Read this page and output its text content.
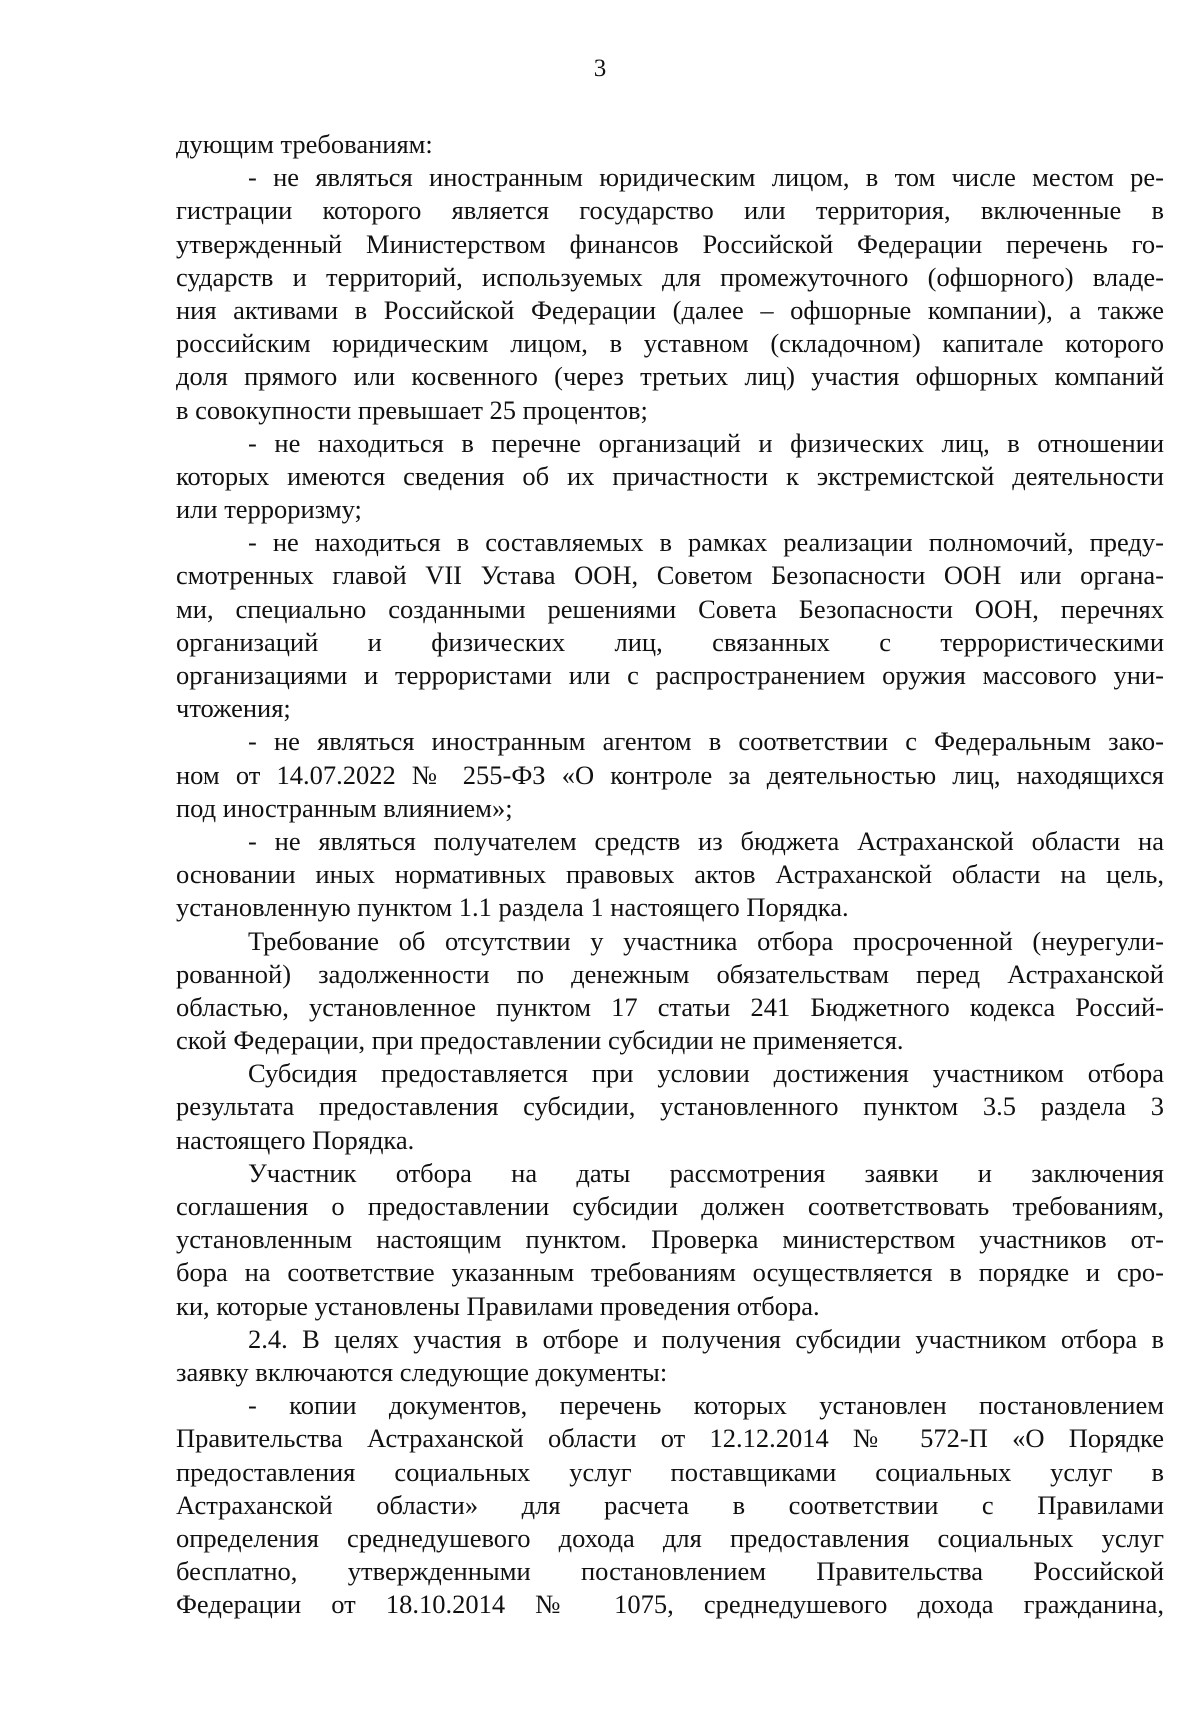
3
дующим требованиям:
- не являться иностранным юридическим лицом, в том числе местом ре-
гистрации которого является государство или территория, включенные в
утвержденный Министерством финансов Российской Федерации перечень го-
сударств и территорий, используемых для промежуточного (офшорного) владе-
ния активами в Российской Федерации (далее – офшорные компании), а также
российским юридическим лицом, в уставном (складочном) капитале которого
доля прямого или косвенного (через третьих лиц) участия офшорных компаний
в совокупности превышает 25 процентов;
- не находиться в перечне организаций и физических лиц, в отношении
которых имеются сведения об их причастности к экстремистской деятельности
или терроризму;
- не находиться в составляемых в рамках реализации полномочий, преду-
смотренных главой VII Устава ООН, Советом Безопасности ООН или органа-
ми, специально созданными решениями Совета Безопасности ООН, перечнях
организаций и физических лиц, связанных с террористическими
организациями и террористами или с распространением оружия массового уни-
чтожения;
- не являться иностранным агентом в соответствии с Федеральным зако-
ном от 14.07.2022 № 255-ФЗ «О контроле за деятельностью лиц, находящихся
под иностранным влиянием»;
- не являться получателем средств из бюджета Астраханской области на
основании иных нормативных правовых актов Астраханской области на цель,
установленную пунктом 1.1 раздела 1 настоящего Порядка.
Требование об отсутствии у участника отбора просроченной (неурегули-
рованной) задолженности по денежным обязательствам перед Астраханской
областью, установленное пунктом 17 статьи 241 Бюджетного кодекса Россий-
ской Федерации, при предоставлении субсидии не применяется.
Субсидия предоставляется при условии достижения участником отбора
результата предоставления субсидии, установленного пунктом 3.5 раздела 3
настоящего Порядка.
Участник отбора на даты рассмотрения заявки и заключения
соглашения о предоставлении субсидии должен соответствовать требованиям,
установленным настоящим пунктом. Проверка министерством участников от-
бора на соответствие указанным требованиям осуществляется в порядке и сро-
ки, которые установлены Правилами проведения отбора.
2.4. В целях участия в отборе и получения субсидии участником отбора в
заявку включаются следующие документы:
- копии документов, перечень которых установлен постановлением
Правительства Астраханской области от 12.12.2014 № 572-П «О Порядке
предоставления социальных услуг поставщиками социальных услуг в
Астраханской области» для расчета в соответствии с Правилами
определения среднедушевого дохода для предоставления социальных услуг
бесплатно, утвержденными постановлением Правительства Российской
Федерации от 18.10.2014 № 1075, среднедушевого дохода гражданина,
